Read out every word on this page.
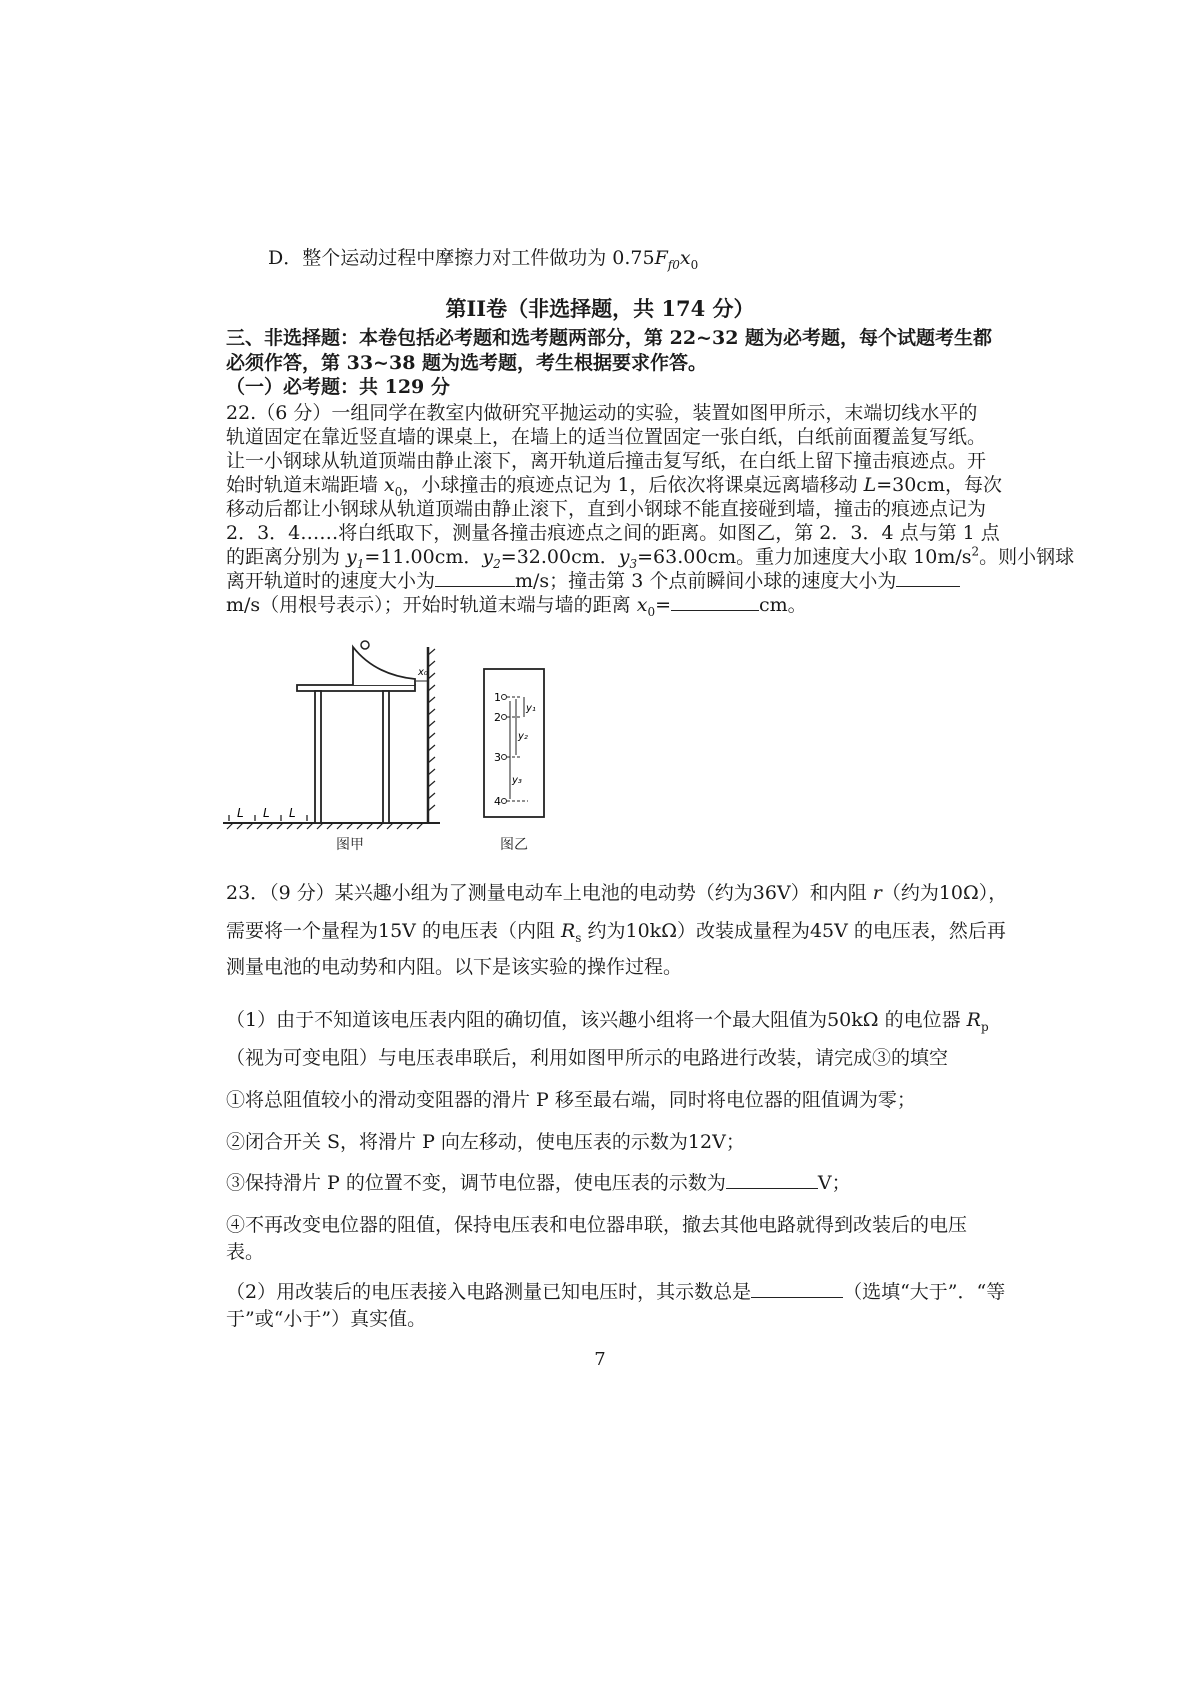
D．整个运动过程中摩擦力对工件做功为 $0.75F_{f0}x_0$
第II卷（非选择题，共 174 分）
三、非选择题：本卷包括必考题和选考题两部分，第 22~32 题为必考题，每个试题考生都
必须作答，第 33~38 题为选考题，考生根据要求作答。
（一）必考题：共 129 分
22.（6 分）一组同学在教室内做研究平抛运动的实验，装置如图甲所示，末端切线水平的
轨道固定在靠近竖直墙的课桌上，在墙上的适当位置固定一张白纸，白纸前面覆盖复写纸。
让一小钢球从轨道顶端由静止滚下，离开轨道后撞击复写纸，在白纸上留下撞击痕迹点。开
始时轨道末端距墙 $x_0$，小球撞击的痕迹点记为 1，后依次将课桌远离墙移动 L=30cm，每次
移动后都让小钢球从轨道顶端由静止滚下，直到小钢球不能直接碰到墙，撞击的痕迹点记为
2．3．4……将白纸取下，测量各撞击痕迹点之间的距离。如图乙，第 2．3．4 点与第 1 点
的距离分别为 $y_1=11.00cm$．$y_2=32.00cm$．$y_3=63.00cm$。重力加速度大小取 $10m/s^2$。则小钢球
离开轨道时的速度大小为	m/s；撞击第 3 个点前瞬间小球的速度大小为
m/s（用根号表示）；开始时轨道末端与墙的距离 $x_0=$	cm。
x₀
L L L
图甲
1
2
3
4
y₁
y₂
y₃
图乙
23．（9 分）某兴趣小组为了测量电动车上电池的电动势（约为36V）和内阻 r（约为10Ω），
需要将一个量程为15V 的电压表（内阻 $R_s$ 约为10kΩ）改装成量程为45V 的电压表，然后再
测量电池的电动势和内阻。以下是该实验的操作过程。
（1）由于不知道该电压表内阻的确切值，该兴趣小组将一个最大阻值为50kΩ 的电位器 $R_p$
（视为可变电阻）与电压表串联后，利用如图甲所示的电路进行改装，请完成③的填空
①将总阻值较小的滑动变阻器的滑片 P 移至最右端，同时将电位器的阻值调为零；
②闭合开关 S，将滑片 P 向左移动，使电压表的示数为12V；
③保持滑片 P 的位置不变，调节电位器，使电压表的示数为	V；
④不再改变电位器的阻值，保持电压表和电位器串联，撤去其他电路就得到改装后的电压
表。
（2）用改装后的电压表接入电路测量已知电压时，其示数总是	（选填“大于”．“等
于”或“小于”）真实值。
7
